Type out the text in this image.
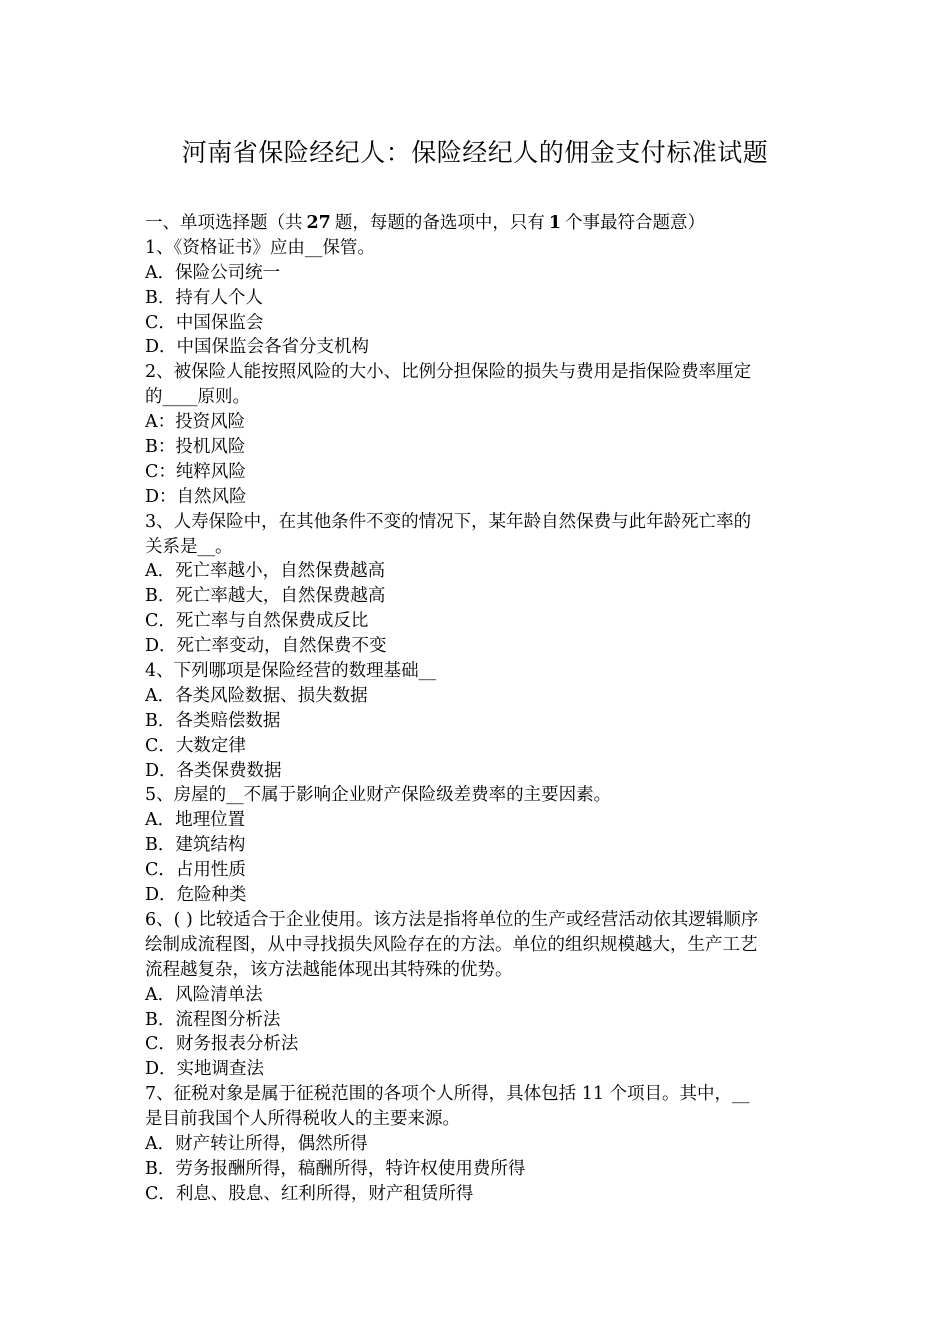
河南省保险经纪人：保险经纪人的佣金支付标准试题
一、单项选择题（共 27 题，每题的备选项中，只有 1 个事最符合题意）
1、《资格证书》应由__保管。
A．保险公司统一
B．持有人个人
C．中国保监会
D．中国保监会各省分支机构
2、被保险人能按照风险的大小、比例分担保险的损失与费用是指保险费率厘定
的____原则。
A：投资风险
B：投机风险
C：纯粹风险
D：自然风险
3、人寿保险中，在其他条件不变的情况下，某年龄自然保费与此年龄死亡率的
关系是__。
A．死亡率越小，自然保费越高
B．死亡率越大，自然保费越高
C．死亡率与自然保费成反比
D．死亡率变动，自然保费不变
4、下列哪项是保险经营的数理基础__
A．各类风险数据、损失数据
B．各类赔偿数据
C．大数定律
D．各类保费数据
5、房屋的__不属于影响企业财产保险级差费率的主要因素。
A．地理位置
B．建筑结构
C．占用性质
D．危险种类
6、( ) 比较适合于企业使用。该方法是指将单位的生产或经营活动依其逻辑顺序
绘制成流程图，从中寻找损失风险存在的方法。单位的组织规模越大，生产工艺
流程越复杂，该方法越能体现出其特殊的优势。
A．风险清单法
B．流程图分析法
C．财务报表分析法
D．实地调查法
7、征税对象是属于征税范围的各项个人所得，具体包括 11 个项目。其中，__
是目前我国个人所得税收人的主要来源。
A．财产转让所得，偶然所得
B．劳务报酬所得，稿酬所得，特许权使用费所得
C．利息、股息、红利所得，财产租赁所得
